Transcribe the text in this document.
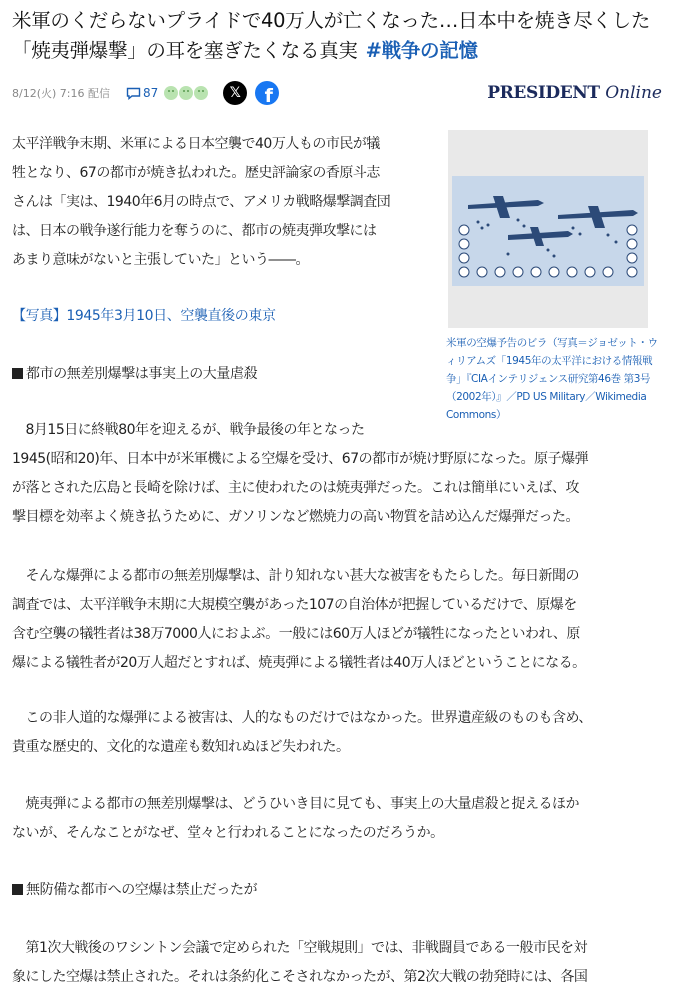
米軍のくだらないプライドで40万人が亡くなった…日本中を焼き尽くした「焼夷弾爆撃」の耳を塞ぎたくなる真実 #戦争の記憶
8/12(火) 7:16 配信	87	𝕏 f	PRESIDENT Online

太平洋戦争末期、米軍による日本空襲で40万人もの市民が犠
牲となり、67の都市が焼き払われた。歴史評論家の香原斗志
さんは「実は、1940年6月の時点で、アメリカ戦略爆撃調査団
は、日本の戦争遂行能力を奪うのに、都市の焼夷弾攻撃には
あまり意味がないと主張していた」という――。

米軍の空爆予告のビラ（写真＝ジョゼット・ウィリアムズ「1945年の太平洋における情報戦争」『CIAインテリジェンス研究第46巻 第3号（2002年）』／PD US Military／Wikimedia Commons）

【写真】1945年3月10日、空襲直後の東京
都市の無差別爆撃は事実上の大量虐殺

　8月15日に終戦80年を迎えるが、戦争最後の年となった
1945(昭和20)年、日本中が米軍機による空爆を受け、67の都市が焼け野原になった。原子爆弾
が落とされた広島と長崎を除けば、主に使われたのは焼夷弾だった。これは簡単にいえば、攻
撃目標を効率よく焼き払うために、ガソリンなど燃焼力の高い物質を詰め込んだ爆弾だった。

　そんな爆弾による都市の無差別爆撃は、計り知れない甚大な被害をもたらした。毎日新聞の
調査では、太平洋戦争末期に大規模空襲があった107の自治体が把握しているだけで、原爆を
含む空襲の犠牲者は38万7000人におよぶ。一般には60万人ほどが犠牲になったといわれ、原
爆による犠牲者が20万人超だとすれば、焼夷弾による犠牲者は40万人ほどということになる。

　この非人道的な爆弾による被害は、人的なものだけではなかった。世界遺産級のものも含め、
貴重な歴史的、文化的な遺産も数知れぬほど失われた。

　焼夷弾による都市の無差別爆撃は、どうひいき目に見ても、事実上の大量虐殺と捉えるほか
ないが、そんなことがなぜ、堂々と行われることになったのだろうか。

無防備な都市への空爆は禁止だったが

　第1次大戦後のワシントン会議で定められた「空戦規則」では、非戦闘員である一般市民を対
象にした空爆は禁止された。それは条約化こそされなかったが、第2次大戦の勃発時には、各国
